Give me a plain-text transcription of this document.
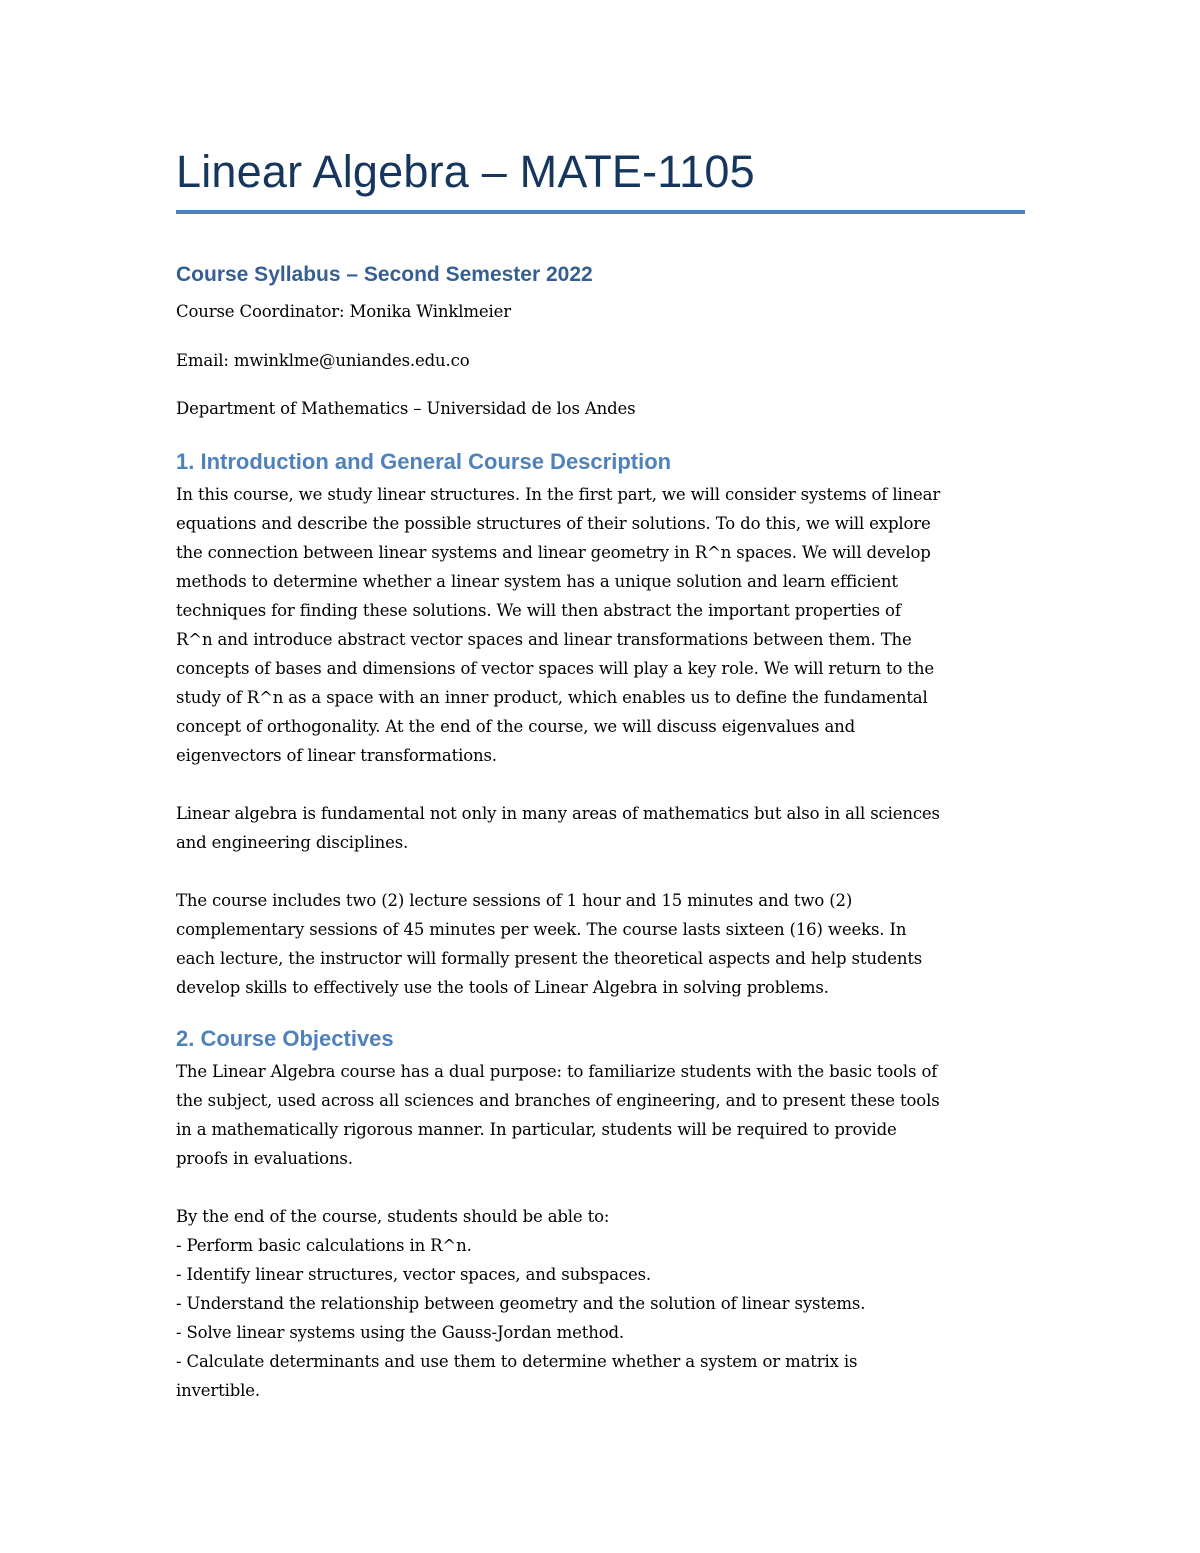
Linear Algebra – MATE-1105
Course Syllabus – Second Semester 2022
Course Coordinator: Monika Winklmeier
Email: mwinklme@uniandes.edu.co
Department of Mathematics – Universidad de los Andes
1. Introduction and General Course Description
In this course, we study linear structures. In the first part, we will consider systems of linear
equations and describe the possible structures of their solutions. To do this, we will explore
the connection between linear systems and linear geometry in R^n spaces. We will develop
methods to determine whether a linear system has a unique solution and learn efficient
techniques for finding these solutions. We will then abstract the important properties of
R^n and introduce abstract vector spaces and linear transformations between them. The
concepts of bases and dimensions of vector spaces will play a key role. We will return to the
study of R^n as a space with an inner product, which enables us to define the fundamental
concept of orthogonality. At the end of the course, we will discuss eigenvalues and
eigenvectors of linear transformations.
Linear algebra is fundamental not only in many areas of mathematics but also in all sciences
and engineering disciplines.
The course includes two (2) lecture sessions of 1 hour and 15 minutes and two (2)
complementary sessions of 45 minutes per week. The course lasts sixteen (16) weeks. In
each lecture, the instructor will formally present the theoretical aspects and help students
develop skills to effectively use the tools of Linear Algebra in solving problems.
2. Course Objectives
The Linear Algebra course has a dual purpose: to familiarize students with the basic tools of
the subject, used across all sciences and branches of engineering, and to present these tools
in a mathematically rigorous manner. In particular, students will be required to provide
proofs in evaluations.
By the end of the course, students should be able to:
- Perform basic calculations in R^n.
- Identify linear structures, vector spaces, and subspaces.
- Understand the relationship between geometry and the solution of linear systems.
- Solve linear systems using the Gauss-Jordan method.
- Calculate determinants and use them to determine whether a system or matrix is
invertible.
